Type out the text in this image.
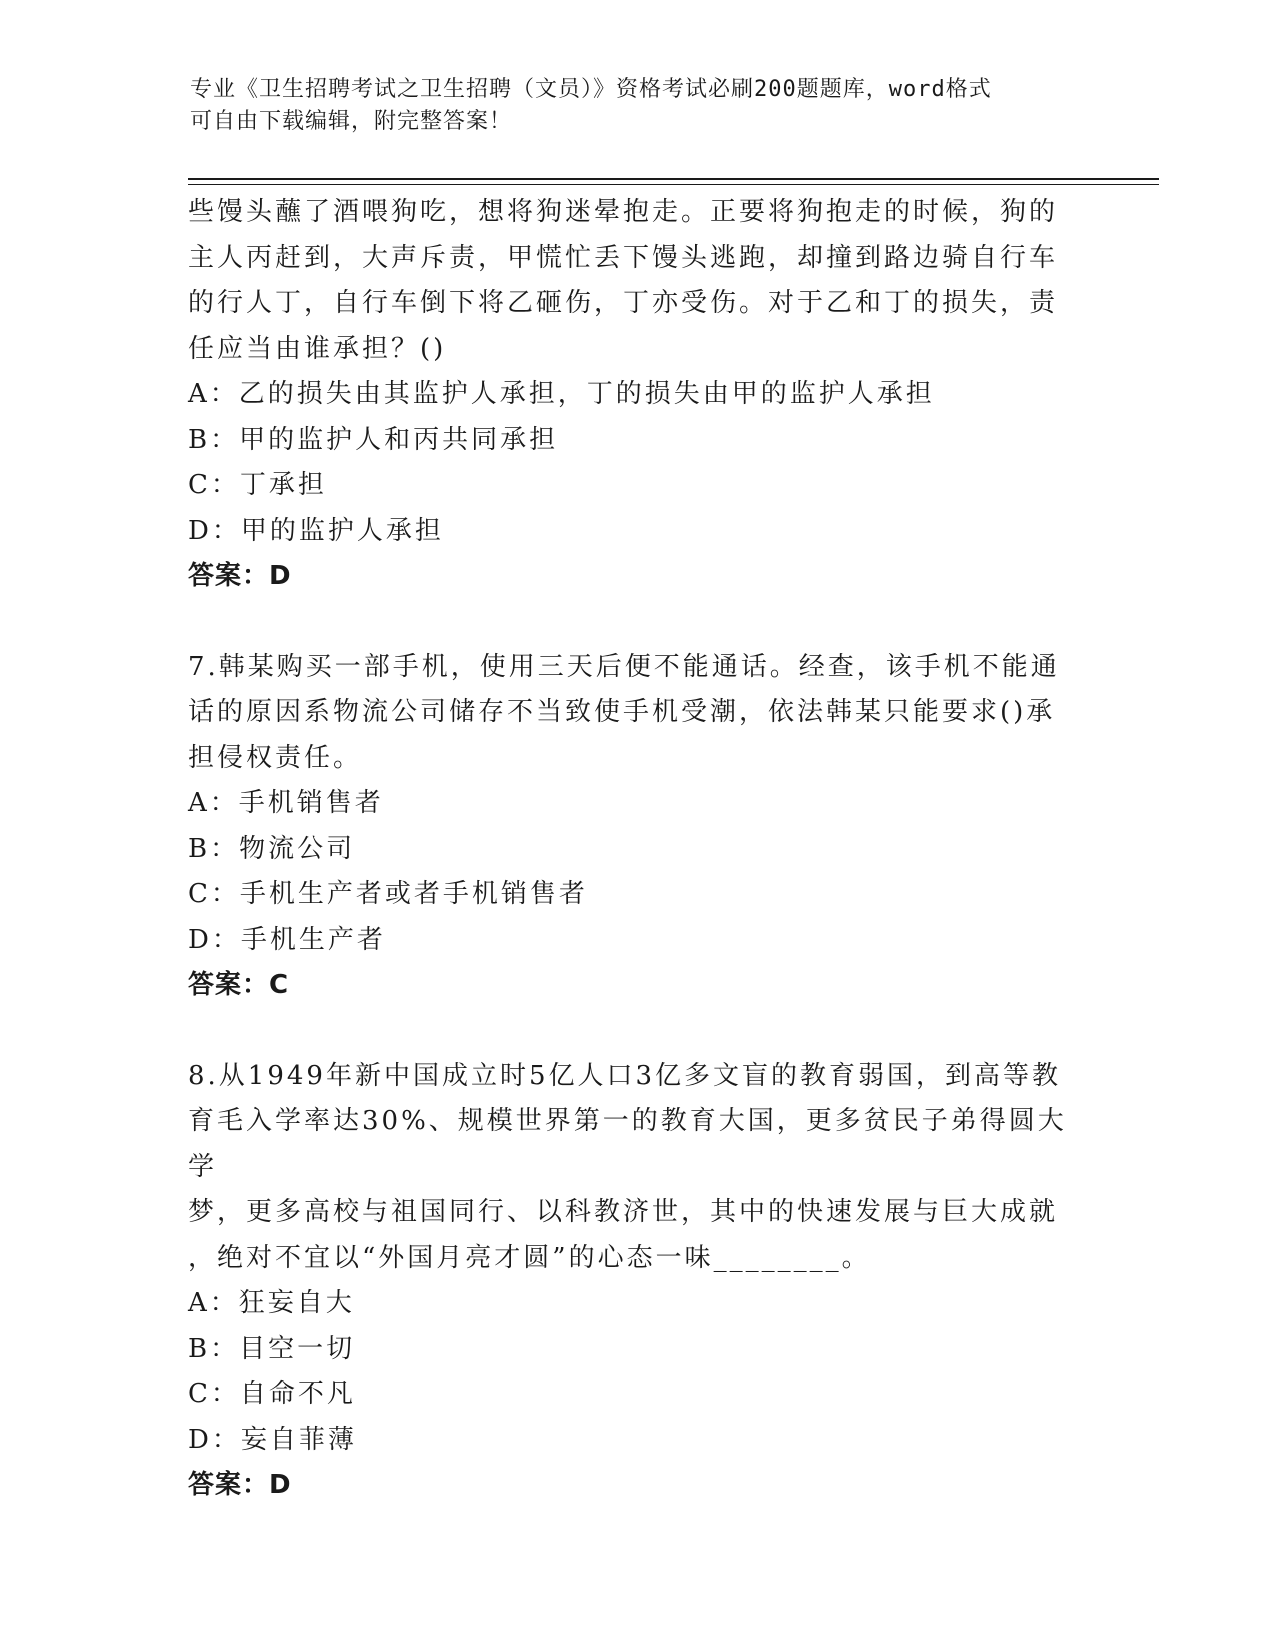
专业《卫生招聘考试之卫生招聘（文员）》资格考试必刷200题题库，word格式
可自由下载编辑，附完整答案！

些馒头蘸了酒喂狗吃，想将狗迷晕抱走。正要将狗抱走的时候，狗的

主人丙赶到，大声斥责，甲慌忙丢下馒头逃跑，却撞到路边骑自行车

的行人丁，自行车倒下将乙砸伤，丁亦受伤。对于乙和丁的损失，责

任应当由谁承担？()

A：乙的损失由其监护人承担，丁的损失由甲的监护人承担

B：甲的监护人和丙共同承担

C：丁承担

D：甲的监护人承担

答案：D

7.韩某购买一部手机，使用三天后便不能通话。经查，该手机不能通

话的原因系物流公司储存不当致使手机受潮，依法韩某只能要求()承

担侵权责任。

A：手机销售者

B：物流公司

C：手机生产者或者手机销售者

D：手机生产者

答案：C

8.从1949年新中国成立时5亿人口3亿多文盲的教育弱国，到高等教

育毛入学率达30%、规模世界第一的教育大国，更多贫民子弟得圆大学

梦，更多高校与祖国同行、以科教济世，其中的快速发展与巨大成就

，绝对不宜以“外国月亮才圆”的心态一味________。

A：狂妄自大

B：目空一切

C：自命不凡

D：妄自菲薄

答案：D
